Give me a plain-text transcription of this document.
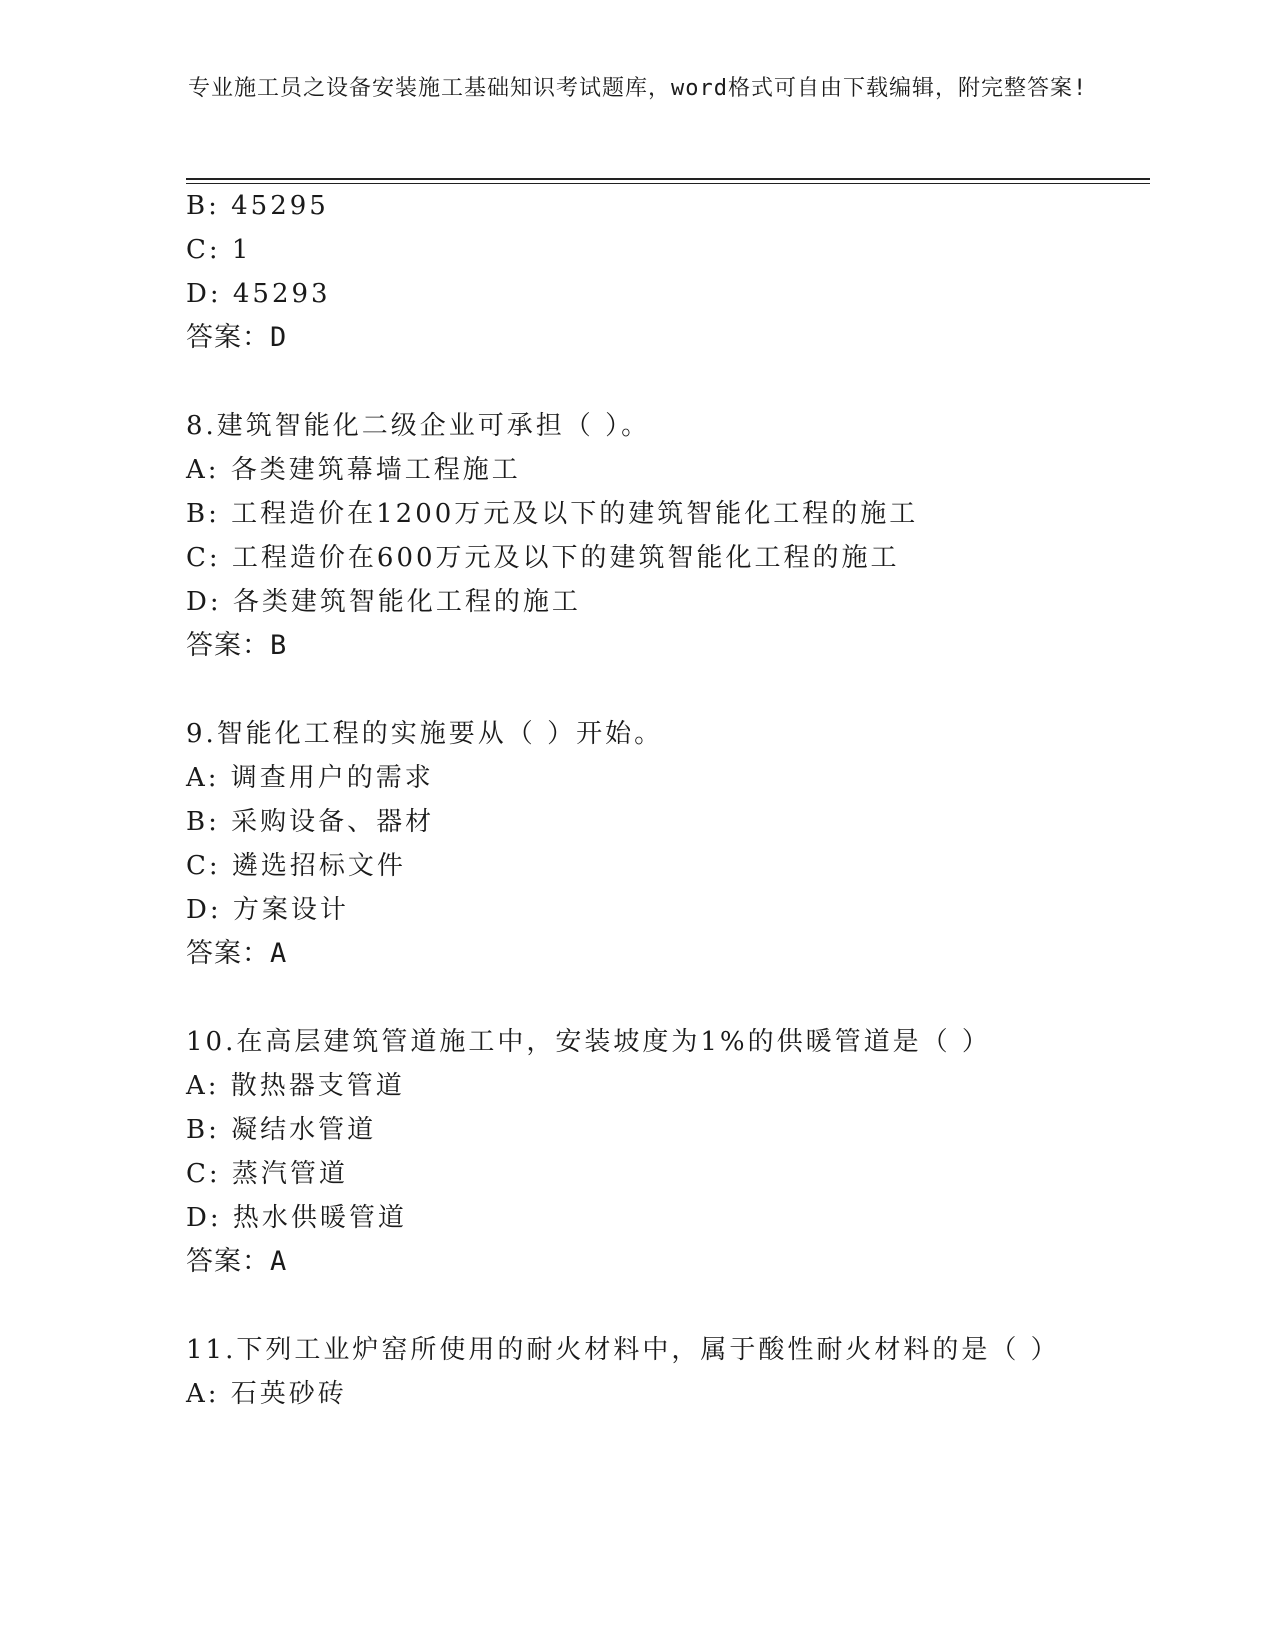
专业施工员之设备安装施工基础知识考试题库，word格式可自由下载编辑，附完整答案!
B: 45295
C: 1
D: 45293
答案：D
8.建筑智能化二级企业可承担（ ）。
A: 各类建筑幕墙工程施工
B: 工程造价在1200万元及以下的建筑智能化工程的施工
C: 工程造价在600万元及以下的建筑智能化工程的施工
D: 各类建筑智能化工程的施工
答案：B
9.智能化工程的实施要从（ ）开始。
A: 调查用户的需求
B: 采购设备、器材
C: 遴选招标文件
D: 方案设计
答案：A
10.在高层建筑管道施工中，安装坡度为1%的供暖管道是（ ）
A: 散热器支管道
B: 凝结水管道
C: 蒸汽管道
D: 热水供暖管道
答案：A
11.下列工业炉窑所使用的耐火材料中，属于酸性耐火材料的是（ ）
A: 石英砂砖
